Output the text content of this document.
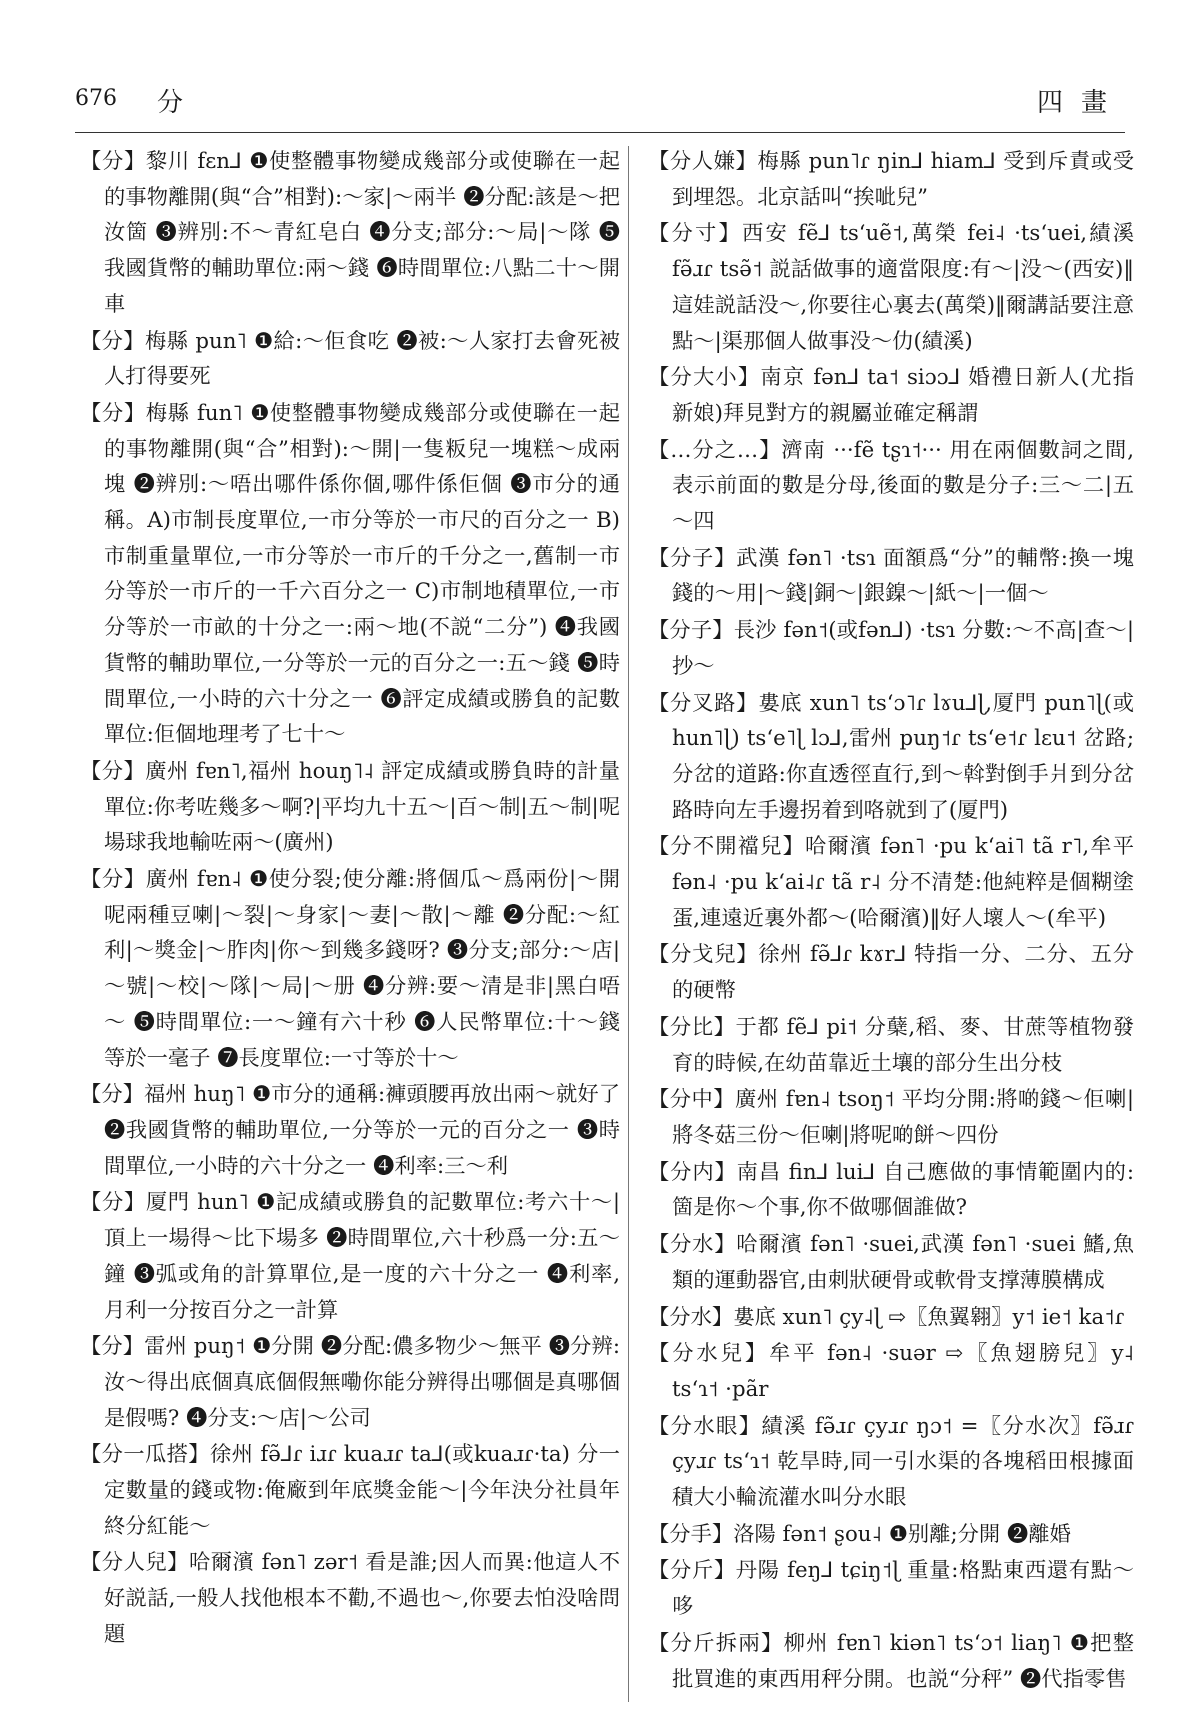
676 分	四畫

【分】黎川 fɛn⅃ ❶使整體事物變成幾部分或使聯在一起的事物離開(與“合”相對):～家|～兩半 ❷分配:該是～把汝箇 ❸辨別:不～青紅皂白 ❹分支;部分:～局|～隊 ❺我國貨幣的輔助單位:兩～錢 ❻時間單位:八點二十～開車

【分】梅縣 pun˥ ❶給:～佢食吃 ❷被:～人家打去會死被人打得要死

【分】梅縣 fun˥ ❶使整體事物變成幾部分或使聯在一起的事物離開(與“合”相對):～開|一隻粄兒一塊糕～成兩塊 ❷辨別:～唔出哪件係你個,哪件係佢個 ❸市分的通稱。A)市制長度單位,一市分等於一市尺的百分之一 B)市制重量單位,一市分等於一市斤的千分之一,舊制一市分等於一市斤的一千六百分之一 C)市制地積單位,一市分等於一市畝的十分之一:兩～地(不説“二分”) ❹我國貨幣的輔助單位,一分等於一元的百分之一:五～錢 ❺時間單位,一小時的六十分之一 ❻評定成績或勝負的記數單位:佢個地理考了七十～

【分】廣州 fɐn˥,福州 houŋ˥˨ 評定成績或勝負時的計量單位:你考咗幾多～啊?|平均九十五～|百～制|五～制|呢場球我地輸咗兩～(廣州)

【分】廣州 fɐn˨ ❶使分裂;使分離:將個瓜～爲兩份|～開呢兩種豆喇|～裂|～身家|～妻|～散|～離 ❷分配:～紅利|～獎金|～胙肉|你～到幾多錢呀? ❸分支;部分:～店|～號|～校|～隊|～局|～册 ❹分辨:要～清是非|黑白唔～ ❺時間單位:一～鐘有六十秒 ❻人民幣單位:十～錢等於一毫子 ❼長度單位:一寸等於十～

【分】福州 huŋ˥ ❶市分的通稱:褲頭腰再放出兩～就好了 ❷我國貨幣的輔助單位,一分等於一元的百分之一 ❸時間單位,一小時的六十分之一 ❹利率:三～利

【分】厦門 hun˥ ❶記成績或勝負的記數單位:考六十～|頂上一場得～比下場多 ❷時間單位,六十秒爲一分:五～鐘 ❸弧或角的計算單位,是一度的六十分之一 ❹利率,月利一分按百分之一計算

【分】雷州 puŋ˦ ❶分開 ❷分配:儂多物少～無平 ❸分辨:汝～得出底個真底個假無嘞你能分辨得出哪個是真哪個是假嗎? ❹分支:～店|～公司

【分一瓜搭】徐州 fə̃⅃ɾ iɹɾ kuaɹɾ ta⅃(或kuaɹɾ·ta) 分一定數量的錢或物:俺廠到年底獎金能～|今年決分社員年終分紅能～

【分人兒】哈爾濱 fən˥ zər˦ 看是誰;因人而異:他這人不好説話,一般人找他根本不勸,不過也～,你要去怕没啥問題

【分人嫌】梅縣 pun˥ɾ ŋin⅃ hiam⅃ 受到斥責或受到埋怨。北京話叫“挨呲兒”

【分寸】西安 fẽ⅃ tsʻuẽ˦,萬榮 fei˨ ·tsʻuei,績溪 fə̃ɹɾ tsə̃˦ 説話做事的適當限度:有～|没～(西安)‖這娃説話没～,你要往心裏去(萬榮)‖爾講話要注意點～|渠那個人做事没～仂(績溪)

【分大小】南京 fən⅃ ta˦ siɔɔ⅃ 婚禮日新人(尤指新娘)拜見對方的親屬並確定稱謂

【…分之…】濟南 ···fẽ tʂɿ˦··· 用在兩個數詞之間,表示前面的數是分母,後面的數是分子:三～二|五～四

【分子】武漢 fən˥ ·tsɿ 面額爲“分”的輔幣:換一塊錢的～用|～錢|銅～|銀鎳～|紙～|一個～

【分子】長沙 fən˦(或fən⅃) ·tsɿ 分數:～不高|查～|抄～

【分叉路】婁底 xun˥ tsʻɔ˥ɾ lɤu⅃ɭ,厦門 pun˥ɭ(或hun˥ɭ) tsʻe˥ɭ lɔ⅃,雷州 puŋ˦ɾ tsʻe˦ɾ lɛu˦ 岔路;分岔的道路:你直透徑直行,到～斡對倒手爿到分岔路時向左手邊拐着到咯就到了(厦門)

【分不開襠兒】哈爾濱 fən˥ ·pu kʻai˥ tã r˥,牟平 fən˨ ·pu kʻai˨ɾ tã r˨ 分不清楚:他純粹是個糊塗蛋,連遠近裏外都～(哈爾濱)‖好人壞人～(牟平)

【分戈兒】徐州 fə̃⅃ɾ kɤr⅃ 特指一分、二分、五分的硬幣

【分比】于都 fẽ⅃ pi˦ 分蘖,稻、麥、甘蔗等植物發育的時候,在幼苗靠近土壤的部分生出分枝

【分中】廣州 fɐn˨ tsoŋ˦ 平均分開:將啲錢～佢喇|將冬菇三份～佢喇|將呢啲餅～四份

【分内】南昌 fin⅃ lui⅃ 自己應做的事情範圍内的:箇是你～个事,你不做哪個誰做?

【分水】哈爾濱 fən˥ ·suei,武漢 fən˥ ·suei 鰭,魚類的運動器官,由刺狀硬骨或軟骨支撑薄膜構成

【分水】婁底 xun˥ çy˨ɭ ⇨〖魚翼翱〗y˦ ie˦ ka˦ɾ

【分水兒】牟平 fən˨ ·suər ⇨〖魚翅膀兒〗y˨ tsʻɿ˦ ·pãr

【分水眼】績溪 fə̃ɹɾ çyɹɾ ŋɔ˦ =〖分水次〗fə̃ɹɾ çyɹɾ tsʻɿ˦ 乾旱時,同一引水渠的各塊稻田根據面積大小輪流灌水叫分水眼

【分手】洛陽 fən˦ ʂou˨ ❶别離;分開 ❷離婚

【分斤】丹陽 feŋ⅃ tɕiŋ˦ɭ 重量:格點東西還有點～哆

【分斤拆兩】柳州 fɐn˥ kiən˥ tsʻɔ˦ liaŋ˥ ❶把整批買進的東西用秤分開。也説“分秤” ❷代指零售
